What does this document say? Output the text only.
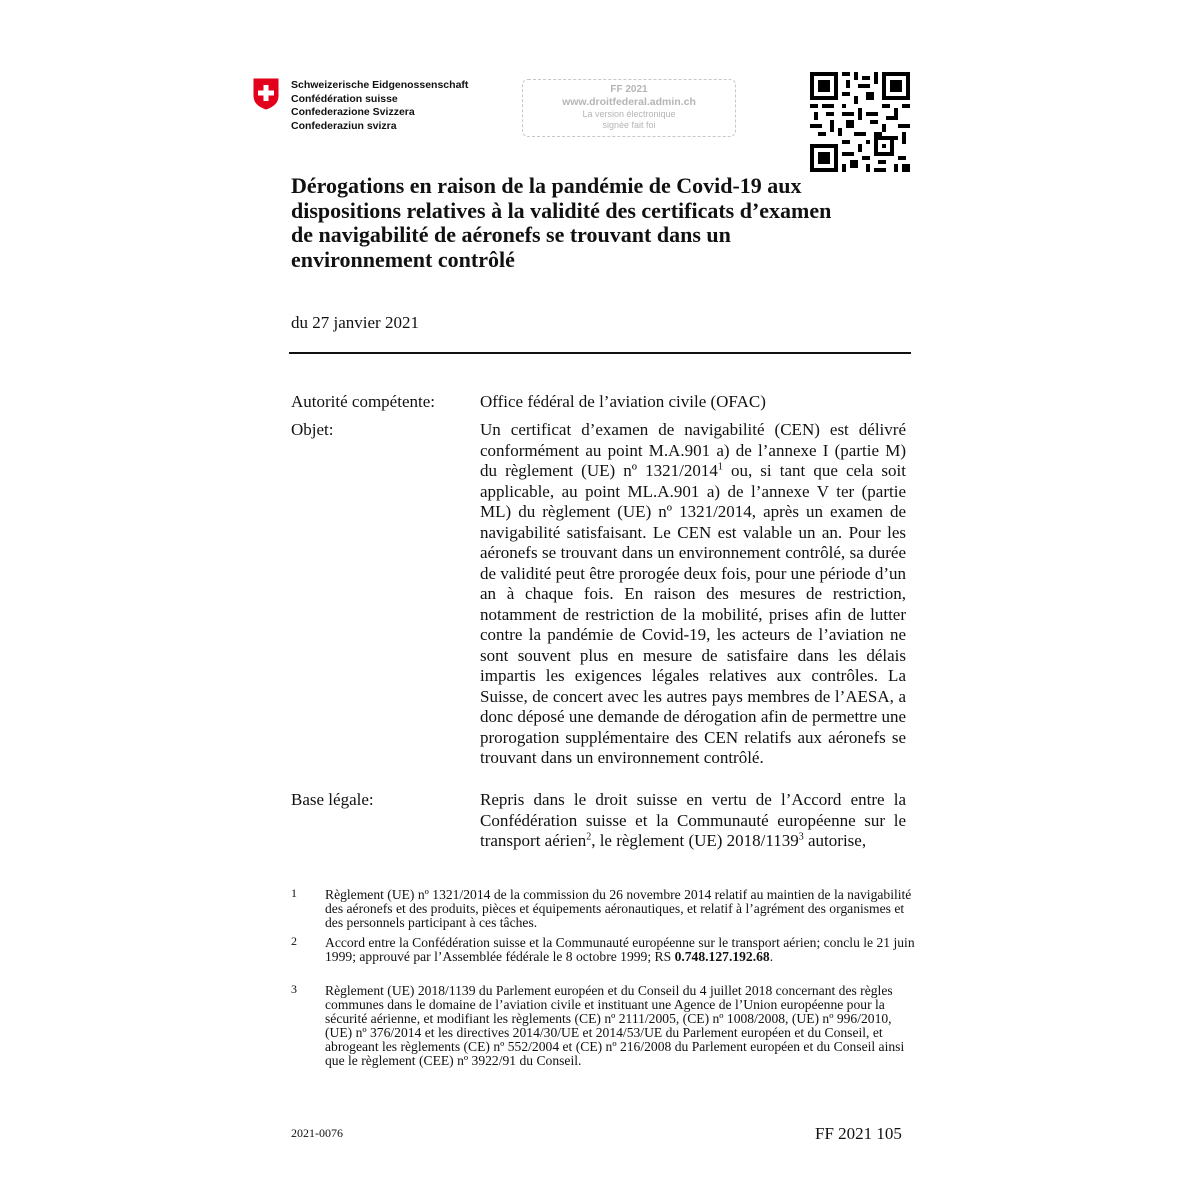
Schweizerische Eidgenossenschaft
Confédération suisse
Confederazione Svizzera
Confederaziun svizra
FF 2021
www.droitfederal.admin.ch
La version électronique
signée fait foi
Dérogations en raison de la pandémie de Covid-19 aux dispositions relatives à la validité des certificats d’examen de navigabilité de aéronefs se trouvant dans un environnement contrôlé
du 27 janvier 2021
Autorité compétente:	Office fédéral de l’aviation civile (OFAC)
Objet:	Un certificat d’examen de navigabilité (CEN) est délivré conformément au point M.A.901 a) de l’annexe I (partie M) du règlement (UE) nº 1321/2014$^1$ ou, si tant que cela soit applicable, au point ML.A.901 a) de l’annexe V ter (partie ML) du règlement (UE) nº 1321/2014, après un examen de navigabilité satisfaisant. Le CEN est valable un an. Pour les aéronefs se trouvant dans un environnement contrôlé, sa durée de validité peut être prorogée deux fois, pour une période d’un an à chaque fois. En raison des mesures de restriction, notamment de restriction de la mobilité, prises afin de lutter contre la pandémie de Covid-19, les acteurs de l’aviation ne sont souvent plus en mesure de satisfaire dans les délais impartis les exigences légales relatives aux contrôles. La Suisse, de concert avec les autres pays membres de l’AESA, a donc déposé une demande de dérogation afin de permettre une prorogation supplémentaire des CEN relatifs aux aéronefs se trouvant dans un environnement contrôlé.

Base légale:	Repris dans le droit suisse en vertu de l’Accord entre la Confédération suisse et la Communauté européenne sur le transport aérien$^2$, le règlement (UE) 2018/1139$^3$ autorise,

1 Règlement (UE) nº 1321/2014 de la commission du 26 novembre 2014 relatif au maintien de la navigabilité des aéronefs et des produits, pièces et équipements aéronautiques, et relatif à l’agrément des organismes et des personnels participant à ces tâches.
2 Accord entre la Confédération suisse et la Communauté européenne sur le transport aérien; conclu le 21 juin 1999; approuvé par l’Assemblée fédérale le 8 octobre 1999; RS 0.748.127.192.68.
3 Règlement (UE) 2018/1139 du Parlement européen et du Conseil du 4 juillet 2018 concernant des règles communes dans le domaine de l’aviation civile et instituant une Agence de l’Union européenne pour la sécurité aérienne, et modifiant les règlements (CE) nº 2111/2005, (CE) nº 1008/2008, (UE) nº 996/2010, (UE) nº 376/2014 et les directives 2014/30/UE et 2014/53/UE du Parlement européen et du Conseil, et abrogeant les règlements (CE) nº 552/2004 et (CE) nº 216/2008 du Parlement européen et du Conseil ainsi que le règlement (CEE) nº 3922/91 du Conseil.
2021-0076	FF 2021 105
